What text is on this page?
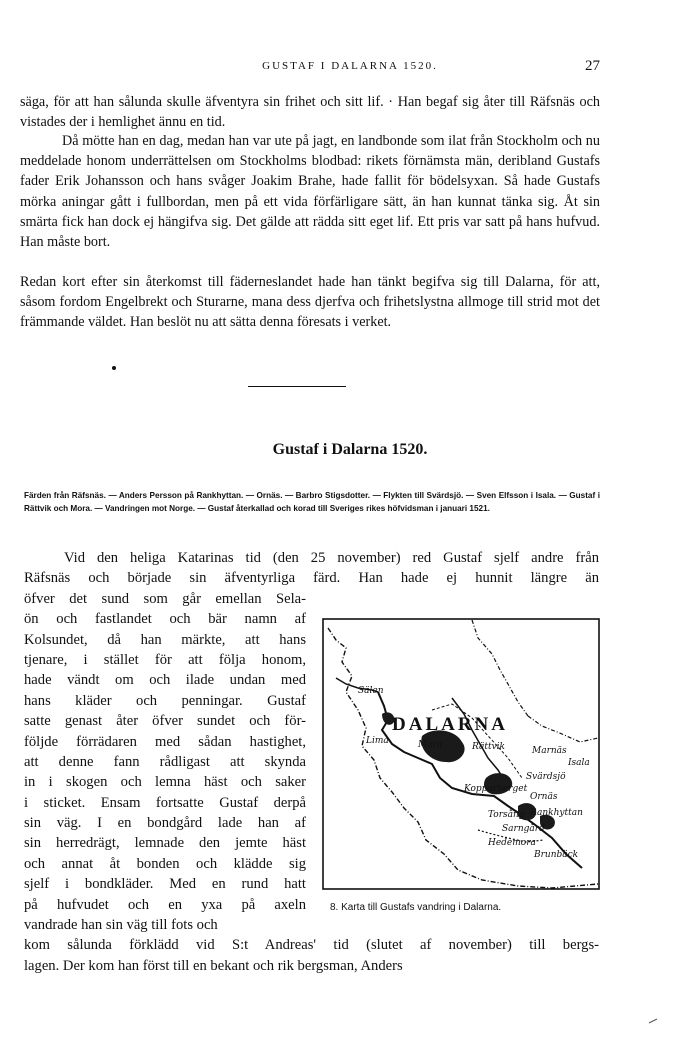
GUSTAF I DALARNA 1520.	27

säga, för att han sålunda skulle äfventyra sin frihet och sitt lif. · Han begaf sig åter till Räfsnäs och vistades der i hemlighet ännu en tid.

Då mötte han en dag, medan han var ute på jagt, en landbonde som ilat från Stockholm och nu meddelade honom underrättelsen om Stockholms blodbad: rikets förnämsta män, deribland Gustafs fader Erik Johansson och hans svåger Joakim Brahe, hade fallit för bödelsyxan. Så hade Gustafs mörka aningar gått i fullbordan, men på ett vida förfärligare sätt, än han kunnat tänka sig. Åt sin smärta fick han dock ej hängifva sig. Det gälde att rädda sitt eget lif. Ett pris var satt på hans hufvud. Han måste bort.

Redan kort efter sin återkomst till fäderneslandet hade han tänkt begifva sig till Dalarna, för att, såsom fordom Engelbrekt och Sturarne, mana dess djerfva och frihetslystna allmoge till strid mot det främmande väldet. Han beslöt nu att sätta denna föresats i verket.

Gustaf i Dalarna 1520.

Färden från Räfsnäs. — Anders Persson på Rankhyttan. — Ornäs. — Barbro Stigsdotter. — Flykten till Svärdsjö. — Sven Elfsson i Isala. — Gustaf i Rättvik och Mora. — Vandringen mot Norge. — Gustaf återkallad och korad till Sveriges rikes höfvidsman i januari 1521.

Vid den heliga Katarinas tid (den 25 november) red Gustaf sjelf andre från
Räfsnäs och började sin äfventyrliga färd. Han hade ej hunnit längre än
öfver det sund som går emellan Sela-
ön och fastlandet och bär namn af
Kolsundet, då han märkte, att hans
tjenare, i stället för att följa honom,
hade vändt om och ilade undan med
hans kläder och penningar. Gustaf
satte genast åter öfver sundet och för-
följde förrädaren med sådan hastighet,
att denne fann rådligast att skynda
in i skogen och lemna häst och saker
i sticket. Ensam fortsatte Gustaf derpå
sin väg. I en bondgård lade han af
sin herredrägt, lemnade den jemte häst
och annat åt bonden och klädde sig
sjelf i bondkläder. Med en rund hatt
på hufvudet och en yxa på axeln
vandrade han sin väg till fots och
kom sålunda förklädd vid S:t Andreas' tid (slutet af november) till bergs-
lagen. Der kom han först till en bekant och rik bergsman, Anders
DALARNA
Sälen
Lima	Mora	Rättvik	Marnäs
Isala
Svärdsjö
Ornäs
Kopparberget
Rankhyttan
Torsång
Sarngård
Hedemora
Brunbäck
8. Karta till Gustafs vandring i Dalarna.
